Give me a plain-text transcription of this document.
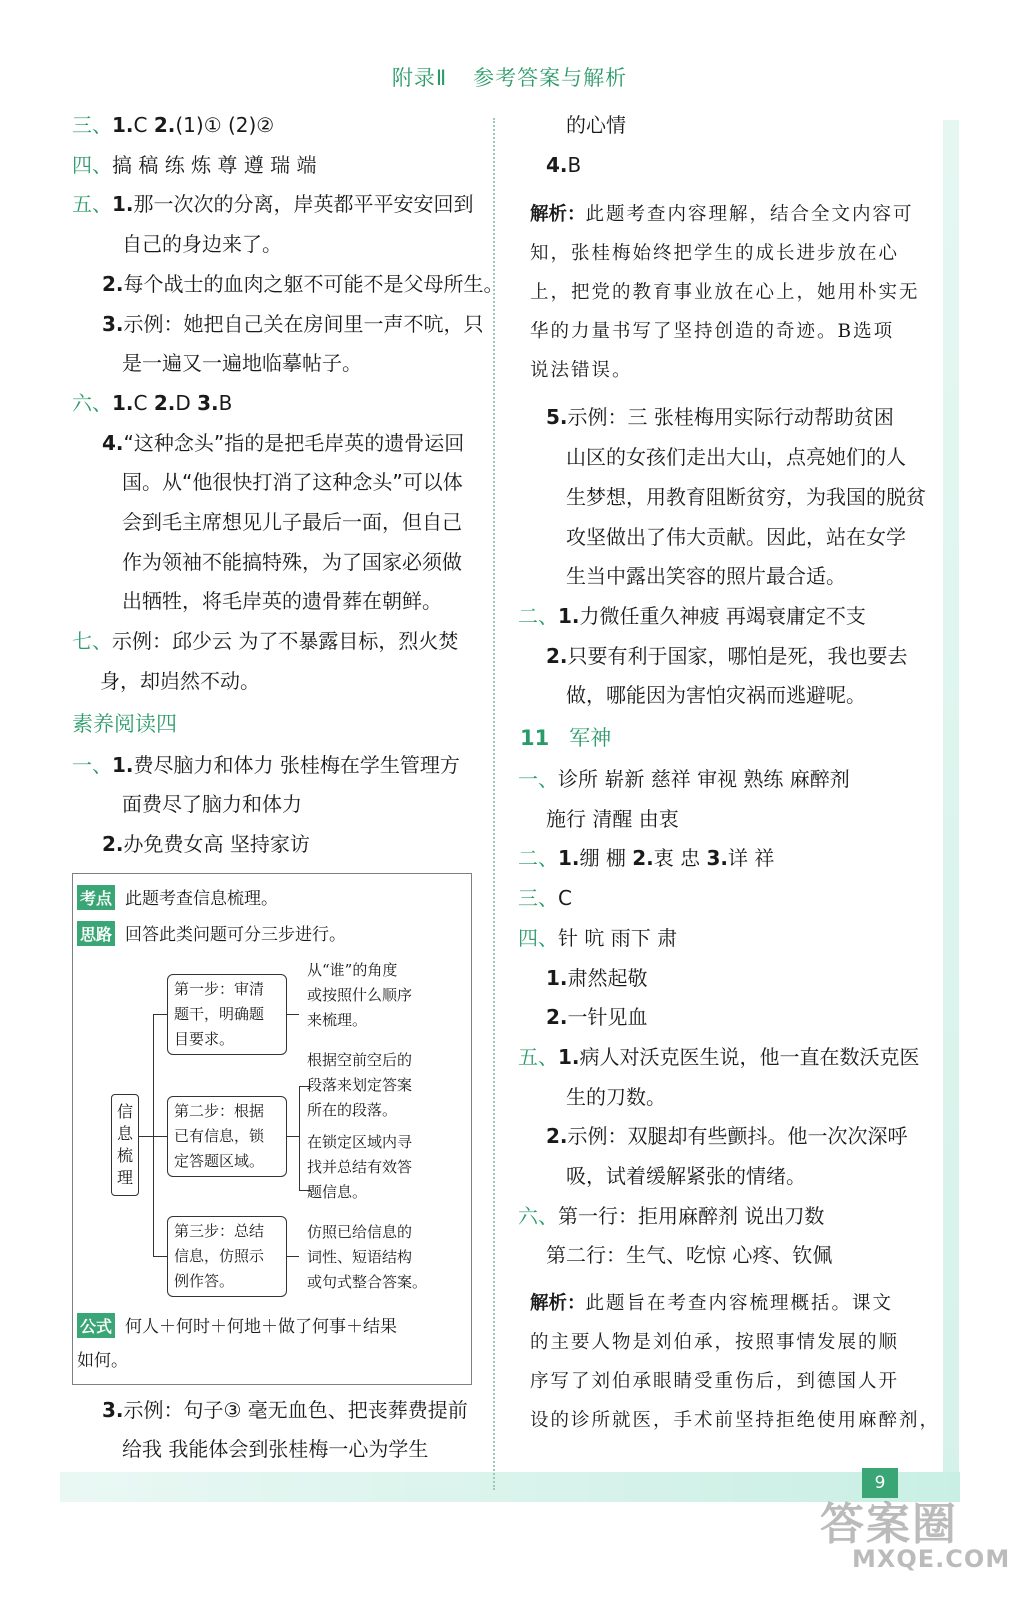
附录Ⅱ 参考答案与解析
三、1.C 2.(1)① (2)②
四、搞 稿 练 炼 尊 遵 瑞 端
五、1.那一次次的分离，岸英都平平安安回到
自己的身边来了。
2.每个战士的血肉之躯不可能不是父母所生。
3.示例：她把自己关在房间里一声不吭，只
是一遍又一遍地临摹帖子。
六、1.C 2.D 3.B
4.“这种念头”指的是把毛岸英的遗骨运回
国。从“他很快打消了这种念头”可以体
会到毛主席想见儿子最后一面，但自己
作为领袖不能搞特殊，为了国家必须做
出牺牲，将毛岸英的遗骨葬在朝鲜。
七、示例：邱少云 为了不暴露目标，烈火焚
身，却岿然不动。
素养阅读四
一、1.费尽脑力和体力 张桂梅在学生管理方
面费尽了脑力和体力
2.办免费女高 坚持家访
考点 此题考查信息梳理。
思路 回答此类问题可分三步进行。
信息梳理
第一步：审清
题干，明确题
目要求。
第二步：根据
已有信息，锁
定答题区域。
第三步：总结
信息，仿照示
例作答。
从“谁”的角度
或按照什么顺序
来梳理。
根据空前空后的
段落来划定答案
所在的段落。
在锁定区域内寻
找并总结有效答
题信息。
仿照已给信息的
词性、短语结构
或句式整合答案。
公式 何人＋何时＋何地＋做了何事＋结果
如何。
3.示例：句子③ 毫无血色、把丧葬费提前
给我 我能体会到张桂梅一心为学生
的心情
4.B
解析：此题考查内容理解，结合全文内容可
知，张桂梅始终把学生的成长进步放在心
上，把党的教育事业放在心上，她用朴实无
华的力量书写了坚持创造的奇迹。B选项
说法错误。
5.示例：三 张桂梅用实际行动帮助贫困
山区的女孩们走出大山，点亮她们的人
生梦想，用教育阻断贫穷，为我国的脱贫
攻坚做出了伟大贡献。因此，站在女学
生当中露出笑容的照片最合适。
二、1.力微任重久神疲 再竭衰庸定不支
2.只要有利于国家，哪怕是死，我也要去
做，哪能因为害怕灾祸而逃避呢。
11 军神
一、诊所 崭新 慈祥 审视 熟练 麻醉剂
施行 清醒 由衷
二、1.绷 棚 2.衷 忠 3.详 祥
三、C
四、针 吭 雨下 肃
1.肃然起敬
2.一针见血
五、1.病人对沃克医生说，他一直在数沃克医
生的刀数。
2.示例：双腿却有些颤抖。他一次次深呼
吸，试着缓解紧张的情绪。
六、第一行：拒用麻醉剂 说出刀数
第二行：生气、吃惊 心疼、钦佩
解析：此题旨在考查内容梳理概括。课文
的主要人物是刘伯承，按照事情发展的顺
序写了刘伯承眼睛受重伤后，到德国人开
设的诊所就医，手术前坚持拒绝使用麻醉剂，
9
答案圈
MXQE.COM
